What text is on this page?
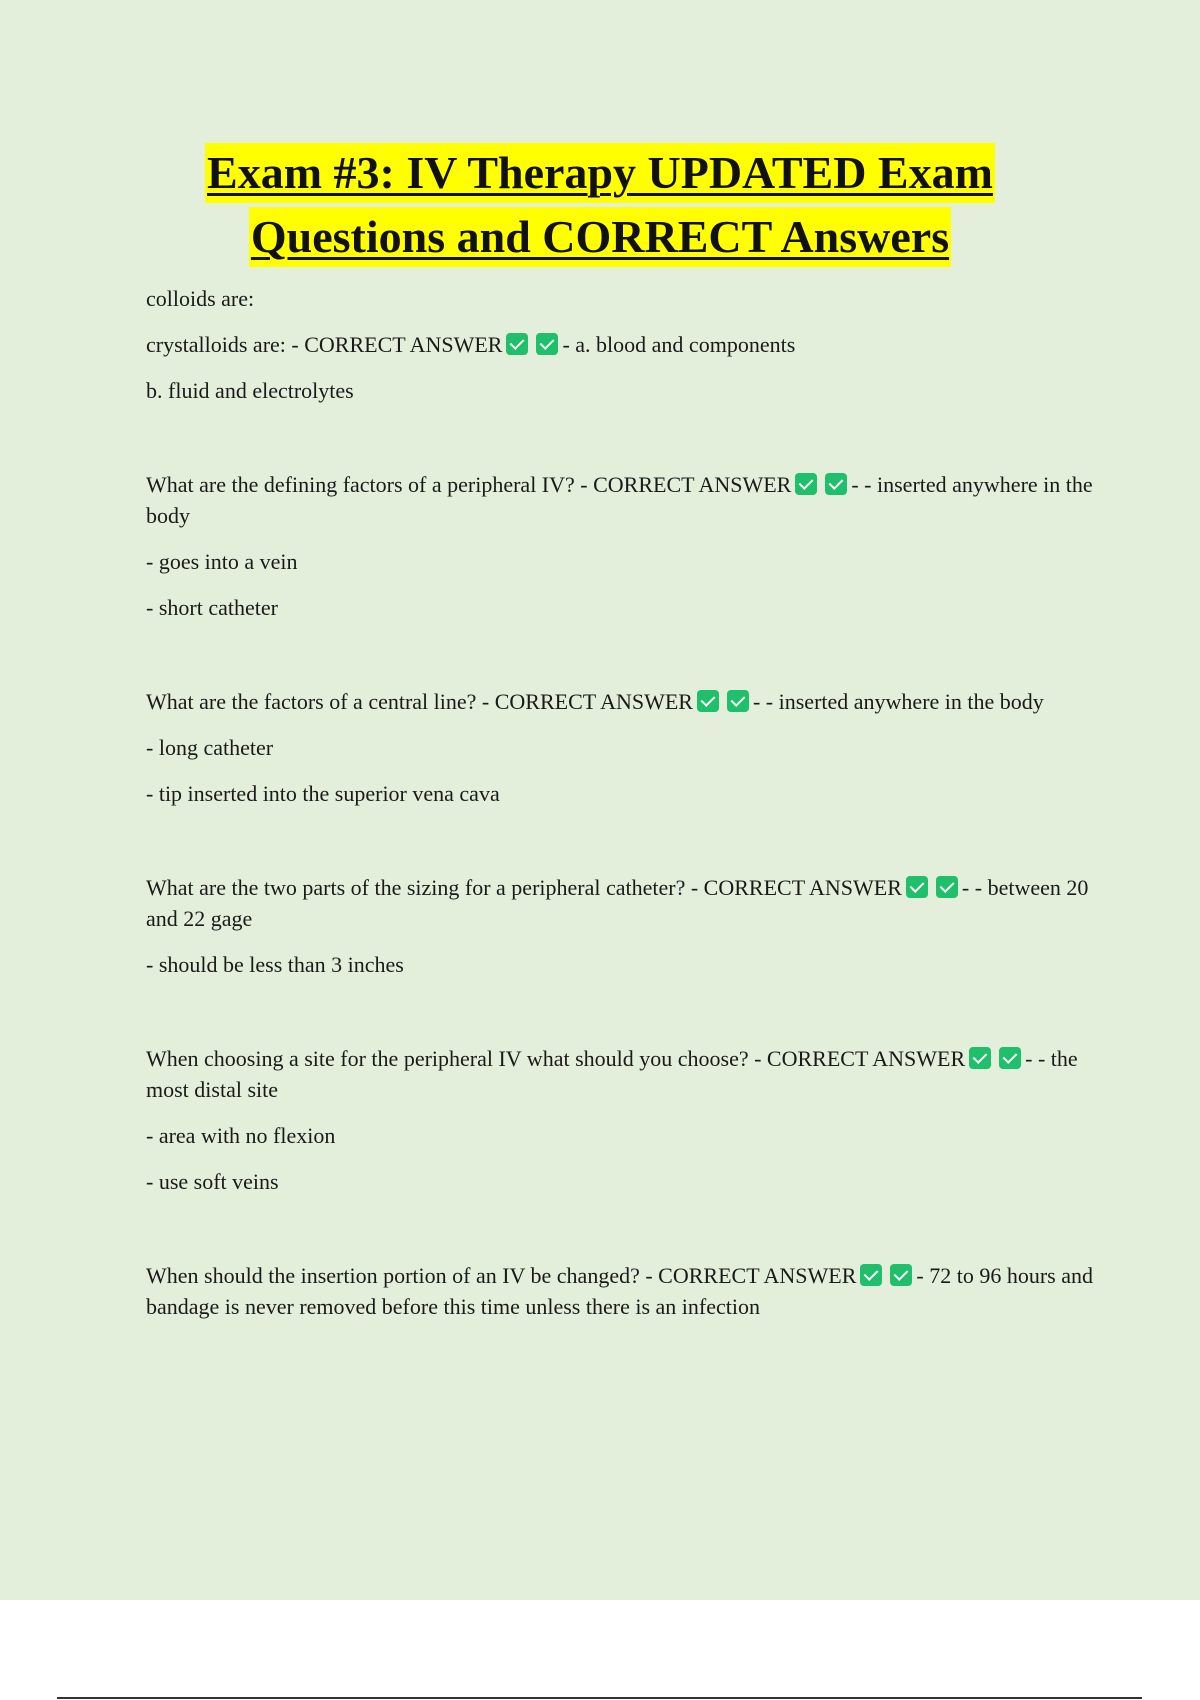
Exam #3: IV Therapy UPDATED Exam
Questions and CORRECT Answers

colloids are:

crystalloids are: - CORRECT ANSWER	- a. blood and components

b. fluid and electrolytes

What are the defining factors of a peripheral IV? - CORRECT ANSWER	- - inserted anywhere in the body

- goes into a vein

- short catheter

What are the factors of a central line? - CORRECT ANSWER	- - inserted anywhere in the body

- long catheter

- tip inserted into the superior vena cava

What are the two parts of the sizing for a peripheral catheter? - CORRECT ANSWER	- - between 20 and 22 gage

- should be less than 3 inches

When choosing a site for the peripheral IV what should you choose? - CORRECT ANSWER	- - the most distal site

- area with no flexion

- use soft veins

When should the insertion portion of an IV be changed? - CORRECT ANSWER	- 72 to 96 hours and bandage is never removed before this time unless there is an infection
